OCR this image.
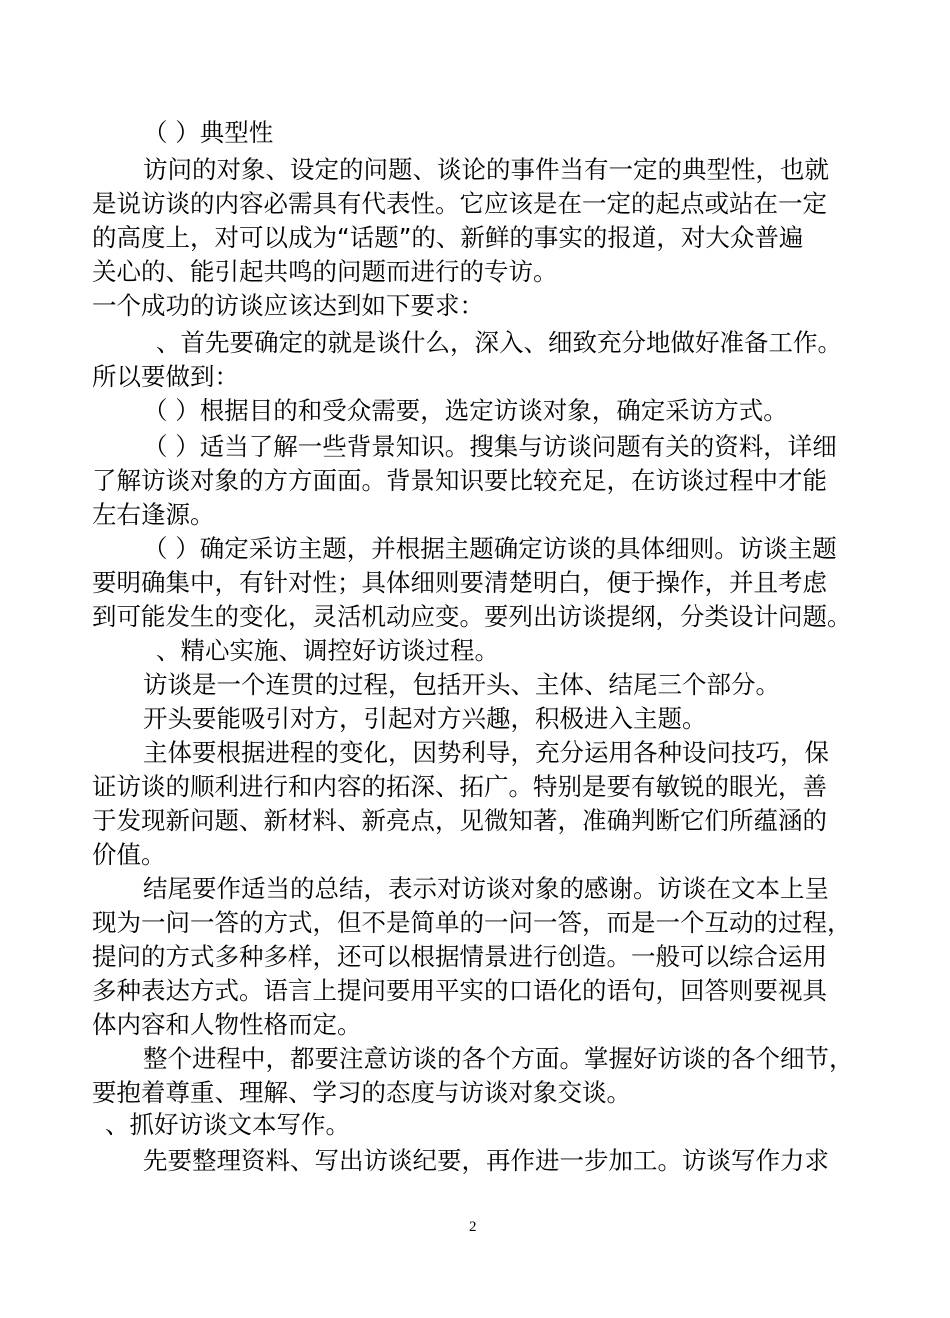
（ ）典型性
访问的对象、设定的问题、谈论的事件当有一定的典型性，也就
是说访谈的内容必需具有代表性。它应该是在一定的起点或站在一定
的高度上，对可以成为“话题”的、新鲜的事实的报道，对大众普遍
关心的、能引起共鸣的问题而进行的专访。
一个成功的访谈应该达到如下要求：
、首先要确定的就是谈什么，深入、细致充分地做好准备工作。
所以要做到：
（ ）根据目的和受众需要，选定访谈对象，确定采访方式。
（ ）适当了解一些背景知识。搜集与访谈问题有关的资料，详细
了解访谈对象的方方面面。背景知识要比较充足，在访谈过程中才能
左右逢源。
（ ）确定采访主题，并根据主题确定访谈的具体细则。访谈主题
要明确集中，有针对性；具体细则要清楚明白，便于操作，并且考虑
到可能发生的变化，灵活机动应变。要列出访谈提纲，分类设计问题。
、精心实施、调控好访谈过程。
访谈是一个连贯的过程，包括开头、主体、结尾三个部分。
开头要能吸引对方，引起对方兴趣，积极进入主题。
主体要根据进程的变化，因势利导，充分运用各种设问技巧，保
证访谈的顺利进行和内容的拓深、拓广。特别是要有敏锐的眼光，善
于发现新问题、新材料、新亮点，见微知著，准确判断它们所蕴涵的
价值。
结尾要作适当的总结，表示对访谈对象的感谢。访谈在文本上呈
现为一问一答的方式，但不是简单的一问一答，而是一个互动的过程，
提问的方式多种多样，还可以根据情景进行创造。一般可以综合运用
多种表达方式。语言上提问要用平实的口语化的语句，回答则要视具
体内容和人物性格而定。
整个进程中，都要注意访谈的各个方面。掌握好访谈的各个细节，
要抱着尊重、理解、学习的态度与访谈对象交谈。
、抓好访谈文本写作。
先要整理资料、写出访谈纪要，再作进一步加工。访谈写作力求
2
